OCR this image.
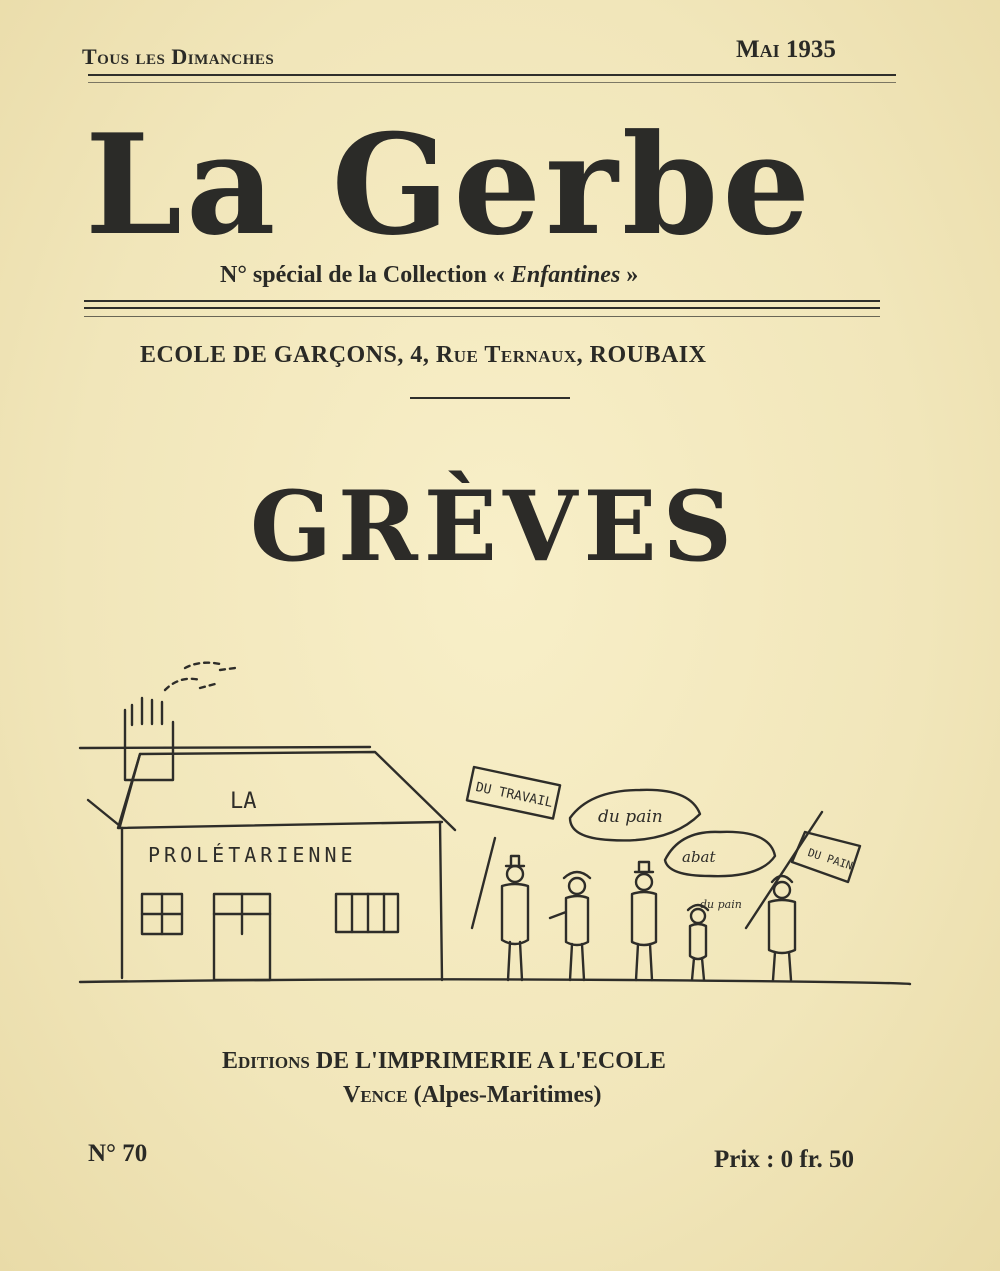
Tous les Dimanches	Mai 1935
La Gerbe
N° spécial de la Collection « Enfantines »
ECOLE DE GARÇONS, 4, Rue Ternaux, ROUBAIX
GRÈVES
LA
PROLÉTARIENNE
DU TRAVAIL
du pain
abat
du pain
DU PAIN
Editions DE L'IMPRIMERIE A L'ECOLE
Vence (Alpes-Maritimes)
N° 70	Prix : 0 fr. 50
